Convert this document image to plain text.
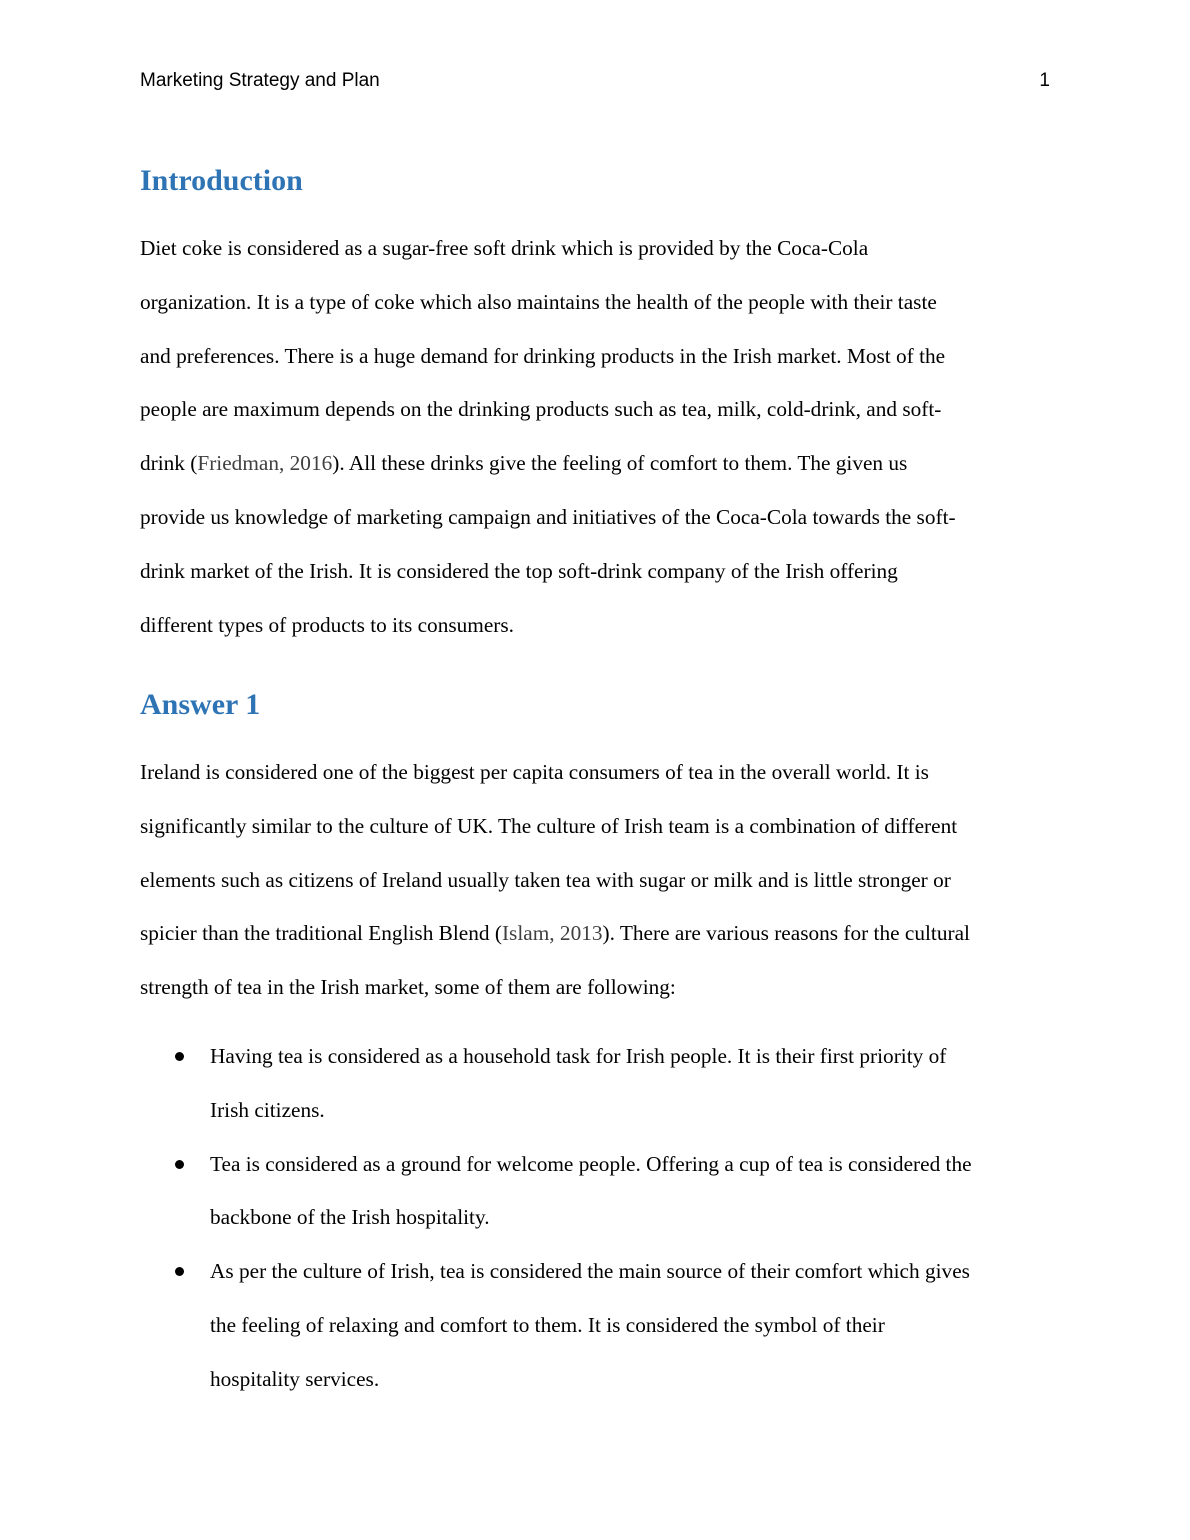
Marketing Strategy and Plan	1
Introduction
Diet coke is considered as a sugar-free soft drink which is provided by the Coca-Cola
organization. It is a type of coke which also maintains the health of the people with their taste
and preferences. There is a huge demand for drinking products in the Irish market. Most of the
people are maximum depends on the drinking products such as tea, milk, cold-drink, and soft-
drink (Friedman, 2016). All these drinks give the feeling of comfort to them. The given us
provide us knowledge of marketing campaign and initiatives of the Coca-Cola towards the soft-
drink market of the Irish. It is considered the top soft-drink company of the Irish offering
different types of products to its consumers.
Answer 1
Ireland is considered one of the biggest per capita consumers of tea in the overall world. It is
significantly similar to the culture of UK. The culture of Irish team is a combination of different
elements such as citizens of Ireland usually taken tea with sugar or milk and is little stronger or
spicier than the traditional English Blend (Islam, 2013). There are various reasons for the cultural
strength of tea in the Irish market, some of them are following:
Having tea is considered as a household task for Irish people. It is their first priority of
Irish citizens.
Tea is considered as a ground for welcome people. Offering a cup of tea is considered the
backbone of the Irish hospitality.
As per the culture of Irish, tea is considered the main source of their comfort which gives
the feeling of relaxing and comfort to them. It is considered the symbol of their
hospitality services.
